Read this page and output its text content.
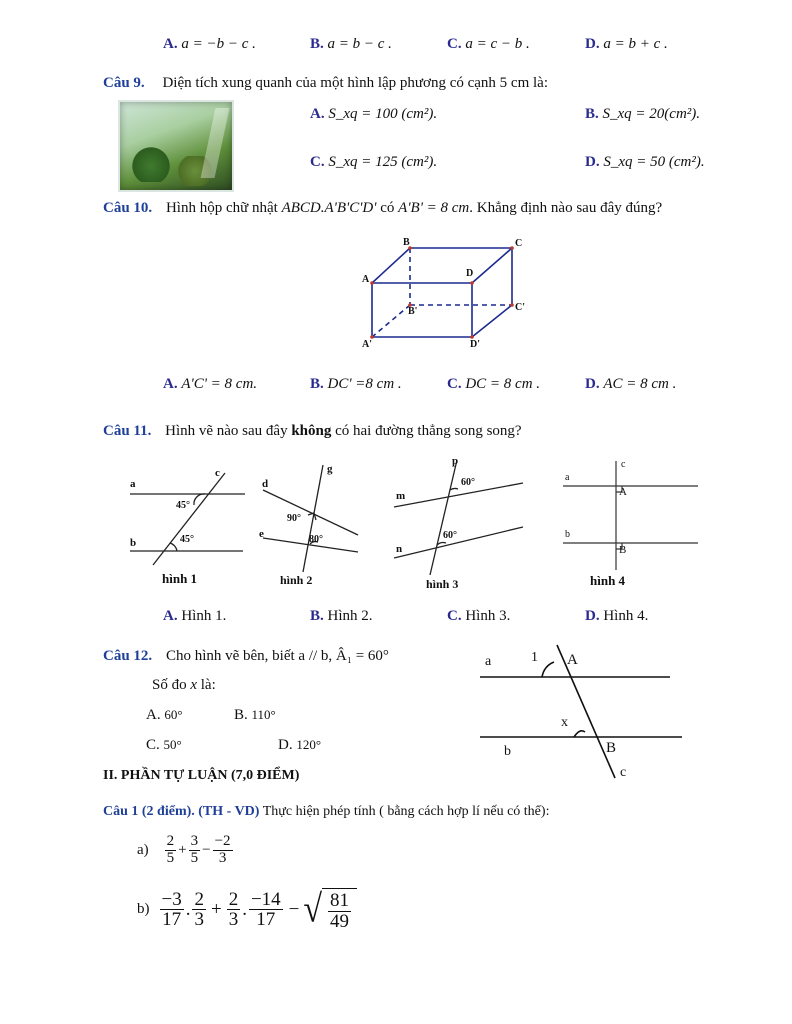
A. a = −b − c .	B. a = b − c .	C. a = c − b .	D. a = b + c .
Câu 9. Diện tích xung quanh của một hình lập phương có cạnh 5 cm là:
A. S_xq = 100 (cm²).	B. S_xq = 20(cm²).
C. S_xq = 125 (cm²).	D. S_xq = 50 (cm²).
Câu 10. Hình hộp chữ nhật ABCD.A'B'C'D' có A'B' = 8 cm. Khẳng định nào sau đây đúng?
B	C
A
D
B'	C'
A'	D'
A. A'C' = 8 cm.	B. DC' =8 cm .	C. DC = 8 cm .	D. AC = 8 cm .
Câu 11. Hình vẽ nào sau đây không có hai đường thẳng song song?
a
b
c
45°
45°
hình 1
d
e
g
90°
80°
hình 2
p
m
n
60°
60°
hình 3
a
b
c
A
B
hình 4
A. Hình 1.	B. Hình 2.	C. Hình 3.	D. Hình 4.
Câu 12. Cho hình vẽ bên, biết a // b, Â₁ = 60°
Số đo x là:
A. 60°	B. 110°
C. 50°	D. 120°
a	1 A
x
b	B
c
II. PHẦN TỰ LUẬN (7,0 ĐIỂM)
Câu 1 (2 điểm). (TH - VD) Thực hiện phép tính ( bằng cách hợp lí nếu có thể):
$a) \frac{2}{5} + \frac{3}{5} - \frac{-2}{3}$
$b) \frac{-3}{17}$ . $\frac{2}{3} + \frac{2}{3}$ . $\frac{-14}{17}$ − √ $\frac{81}{49}$
